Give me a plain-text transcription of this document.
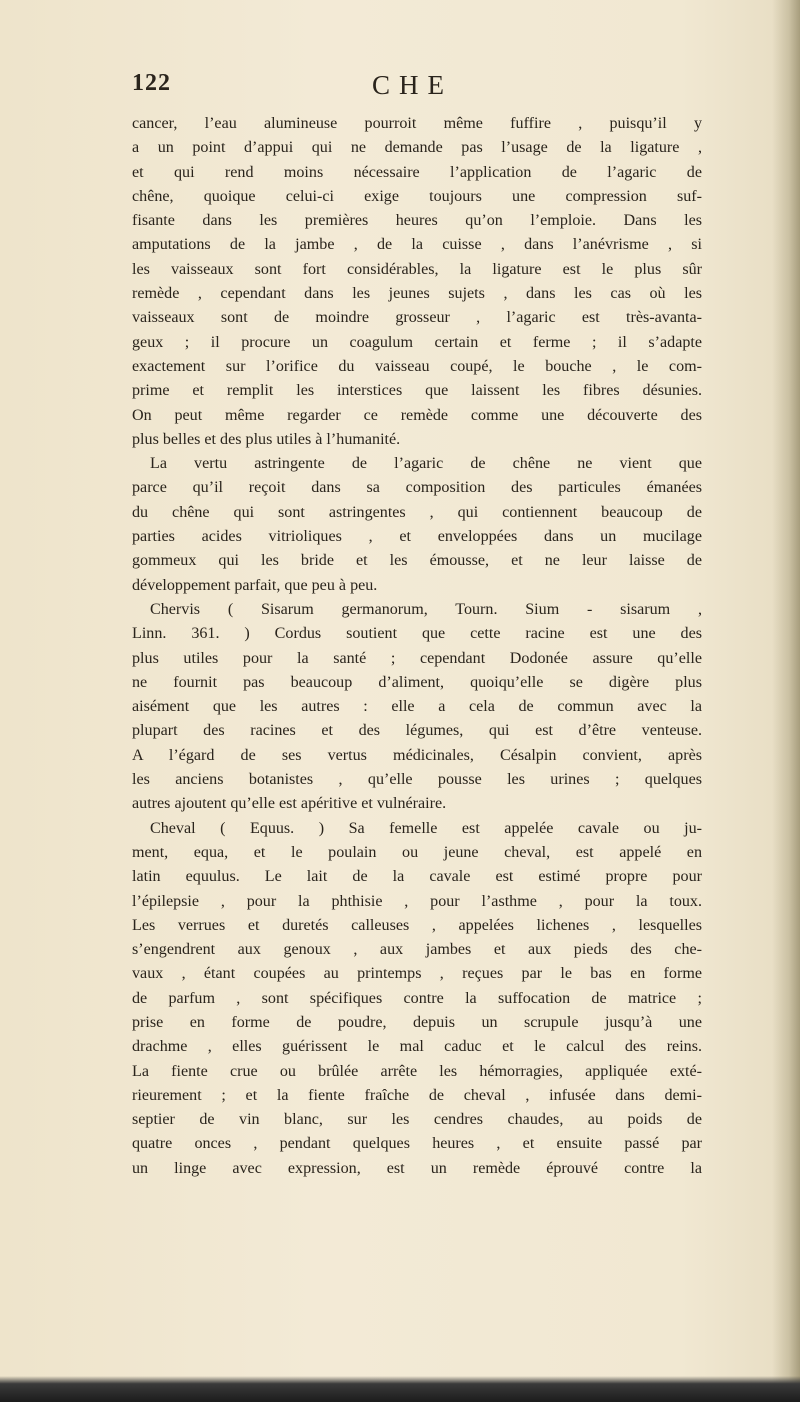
122	CHE
cancer, l’eau alumineuse pourroit même fuffire , puisqu’il y
a un point d’appui qui ne demande pas l’usage de la ligature ,
et qui rend moins nécessaire l’application de l’agaric de
chêne, quoique celui-ci exige toujours une compression suf-
fisante dans les premières heures qu’on l’emploie. Dans les
amputations de la jambe , de la cuisse , dans l’anévrisme , si
les vaisseaux sont fort considérables, la ligature est le plus sûr
remède , cependant dans les jeunes sujets , dans les cas où les
vaisseaux sont de moindre grosseur , l’agaric est très-avanta-
geux ; il procure un coagulum certain et ferme ; il s’adapte
exactement sur l’orifice du vaisseau coupé, le bouche , le com-
prime et remplit les interstices que laissent les fibres désunies.
On peut même regarder ce remède comme une découverte des
plus belles et des plus utiles à l’humanité.
La vertu astringente de l’agaric de chêne ne vient que
parce qu’il reçoit dans sa composition des particules émanées
du chêne qui sont astringentes , qui contiennent beaucoup de
parties acides vitrioliques , et enveloppées dans un mucilage
gommeux qui les bride et les émousse, et ne leur laisse de
développement parfait, que peu à peu.
Chervis ( Sisarum germanorum, Tourn. Sium - sisarum ,
Linn. 361. ) Cordus soutient que cette racine est une des
plus utiles pour la santé ; cependant Dodonée assure qu’elle
ne fournit pas beaucoup d’aliment, quoiqu’elle se digère plus
aisément que les autres : elle a cela de commun avec la
plupart des racines et des légumes, qui est d’être venteuse.
A l’égard de ses vertus médicinales, Césalpin convient, après
les anciens botanistes , qu’elle pousse les urines ; quelques
autres ajoutent qu’elle est apéritive et vulnéraire.
Cheval ( Equus. ) Sa femelle est appelée cavale ou ju-
ment, equa, et le poulain ou jeune cheval, est appelé en
latin equulus. Le lait de la cavale est estimé propre pour
l’épilepsie , pour la phthisie , pour l’asthme , pour la toux.
Les verrues et duretés calleuses , appelées lichenes , lesquelles
s’engendrent aux genoux , aux jambes et aux pieds des che-
vaux , étant coupées au printemps , reçues par le bas en forme
de parfum , sont spécifiques contre la suffocation de matrice ;
prise en forme de poudre, depuis un scrupule jusqu’à une
drachme , elles guérissent le mal caduc et le calcul des reins.
La fiente crue ou brûlée arrête les hémorragies, appliquée exté-
rieurement ; et la fiente fraîche de cheval , infusée dans demi-
septier de vin blanc, sur les cendres chaudes, au poids de
quatre onces , pendant quelques heures , et ensuite passé par
un linge avec expression, est un remède éprouvé contre la
